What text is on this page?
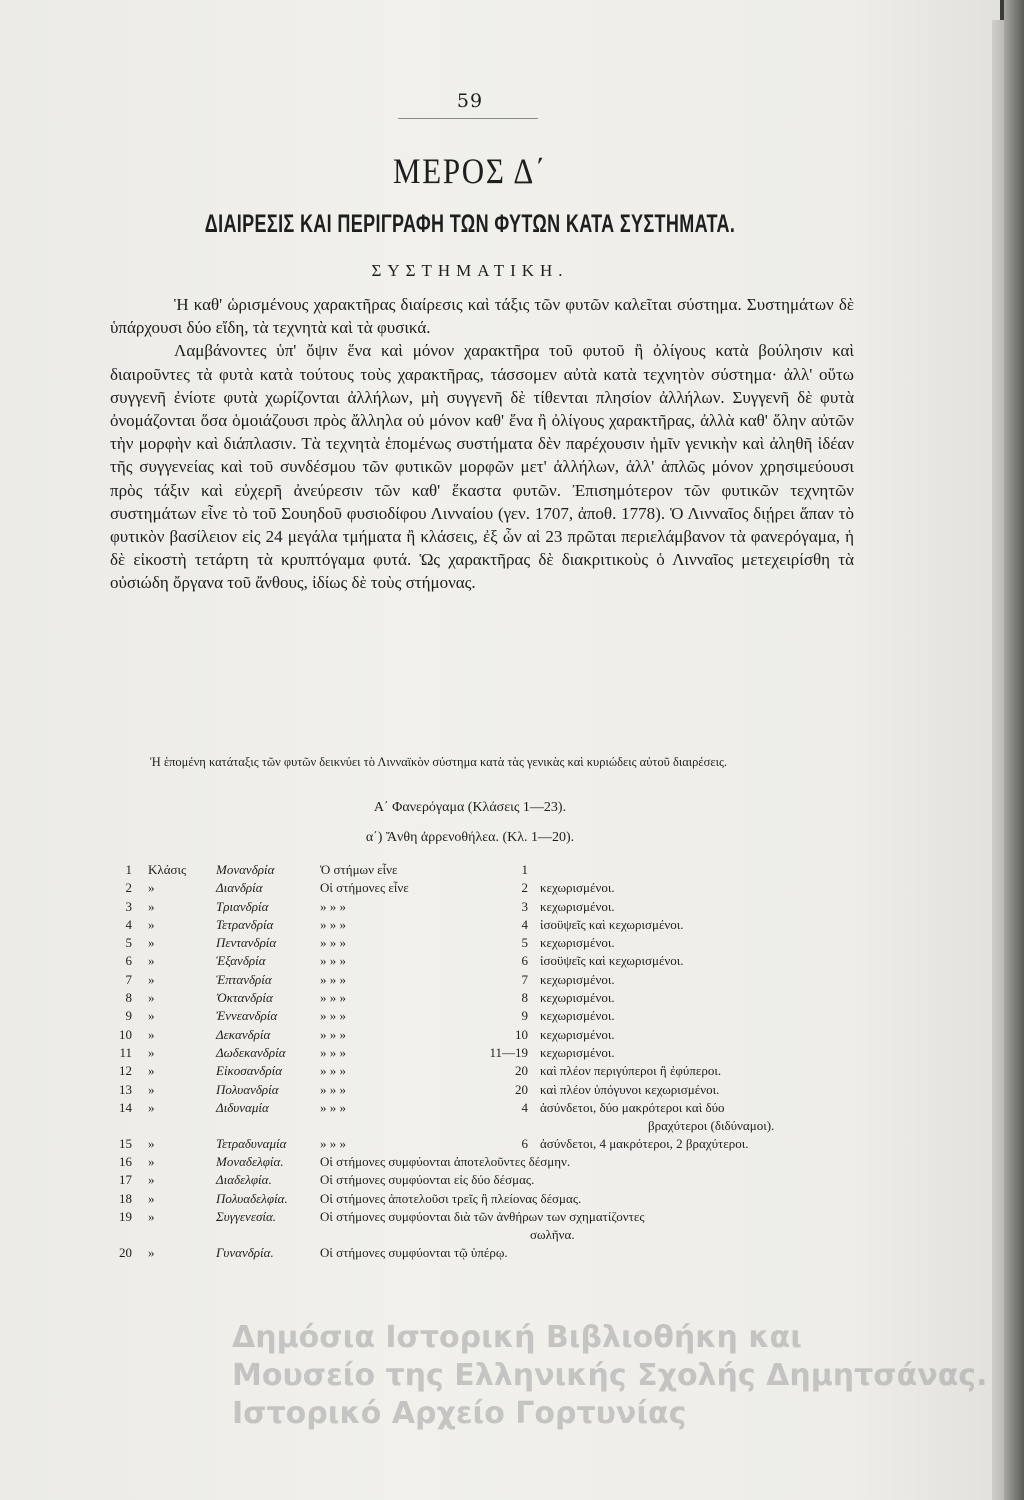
59
ΜΕΡΟΣ Δ΄
ΔΙΑΙΡΕΣΙΣ ΚΑΙ ΠΕΡΙΓΡΑΦΗ ΤΩΝ ΦΥΤΩΝ ΚΑΤΑ ΣΥΣΤΗΜΑΤΑ.
ΣΥΣΤΗΜΑΤΙΚΗ.

Ἡ καθ' ὡρισμένους χαρακτῆρας διαίρεσις καὶ τάξις τῶν φυτῶν καλεῖται σύστημα. Συστημάτων δὲ ὑπάρχουσι δύο εἴδη, τὰ τεχνητὰ καὶ τὰ φυσικά.

Λαμβάνοντες ὑπ' ὄψιν ἕνα καὶ μόνον χαρακτῆρα τοῦ φυτοῦ ἢ ὀλίγους κατὰ βούλησιν καὶ διαιροῦντες τὰ φυτὰ κατὰ τούτους τοὺς χαρακτῆρας, τάσσομεν αὐτὰ κατὰ τεχνητὸν σύστημα· ἀλλ' οὕτω συγγενῆ ἐνίοτε φυτὰ χωρίζονται ἀλλήλων, μὴ συγγενῆ δὲ τίθενται πλησίον ἀλλήλων. Συγγενῆ δὲ φυτὰ ὀνομάζονται ὅσα ὁμοιάζουσι πρὸς ἄλληλα οὐ μόνον καθ' ἕνα ἢ ὀλίγους χαρακτῆρας, ἀλλὰ καθ' ὅλην αὐτῶν τὴν μορφὴν καὶ διάπλασιν. Τὰ τεχνητὰ ἑπομένως συστήματα δὲν παρέχουσιν ἡμῖν γενικὴν καὶ ἀληθῆ ἰδέαν τῆς συγγενείας καὶ τοῦ συνδέσμου τῶν φυτικῶν μορφῶν μετ' ἀλλήλων, ἀλλ' ἁπλῶς μόνον χρησιμεύουσι πρὸς τάξιν καὶ εὐχερῆ ἀνεύρεσιν τῶν καθ' ἕκαστα φυτῶν. Ἐπισημότερον τῶν φυτικῶν τεχνητῶν συστημάτων εἶνε τὸ τοῦ Σουηδοῦ φυσιοδίφου Λινναίου (γεν. 1707, ἀποθ. 1778). Ὁ Λινναῖος διῄρει ἅπαν τὸ φυτικὸν βασίλειον εἰς 24 μεγάλα τμήματα ἢ κλάσεις, ἐξ ὧν αἱ 23 πρῶται περιελάμβανον τὰ φανερόγαμα, ἡ δὲ εἰκοστὴ τετάρτη τὰ κρυπτόγαμα φυτά. Ὡς χαρακτῆρας δὲ διακριτικοὺς ὁ Λινναῖος μετεχειρίσθη τὰ οὐσιώδη ὄργανα τοῦ ἄνθους, ἰδίως δὲ τοὺς στήμονας.

Ἡ ἑπομένη κατάταξις τῶν φυτῶν δεικνύει τὸ Λινναϊκὸν σύστημα κατὰ τὰς γενικὰς καὶ κυριώδεις αὐτοῦ διαιρέσεις.
Α΄ Φανερόγαμα (Κλάσεις 1—23).
α΄) Ἄνθη ἀρρενοθήλεα. (Κλ. 1—20).
1 Κλάσις Μονανδρία	Ὁ στήμων εἶνε	1
2 »	Διανδρία	Οἱ στήμονες εἶνε	2 κεχωρισμένοι.
3 »	Τριανδρία	» » »	3 κεχωρισμένοι.
4 »	Τετρανδρία	» » »	4 ἰσοϋψεῖς καὶ κεχωρισμένοι.
5 »	Πεντανδρία	» » »	5 κεχωρισμένοι.
6 »	Ἑξανδρία	» » »	6 ἰσοϋψεῖς καὶ κεχωρισμένοι.
7 »	Ἑπτανδρία	» » »	7 κεχωρισμένοι.
8 »	Ὀκτανδρία	» » »	8 κεχωρισμένοι.
9 »	Ἐννεανδρία	» » »	9 κεχωρισμένοι.
10 »	Δεκανδρία	» » »	10 κεχωρισμένοι.
11 »	Δωδεκανδρία	» » »	11—19 κεχωρισμένοι.
12 »	Εἰκοσανδρία	» » »	20 καὶ πλέον περιγύπεροι ἢ ἐφύπεροι.
13 »	Πολυανδρία	» » »	20 καὶ πλέον ὑπόγυνοι κεχωρισμένοι.
14 »	Διδυναμία	» » »	4 ἀσύνδετοι, δύο μακρότεροι καὶ δύο
βραχύτεροι (διδύναμοι).
15 »	Τετραδυναμία	» » »	6 ἀσύνδετοι, 4 μακρότεροι, 2 βραχύτεροι.
16 »	Μοναδελφία.	Οἱ στήμονες συμφύονται ἀποτελοῦντες δέσμην.
17 »	Διαδελφία.	Οἱ στήμονες συμφύονται εἰς δύο δέσμας.
18 »	Πολυαδελφία. Οἱ στήμονες ἀποτελοῦσι τρεῖς ἢ πλείονας δέσμας.
19 »	Συγγενεσία.	Οἱ στήμονες συμφύονται διὰ τῶν ἀνθήρων των σχηματίζοντες
σωλῆνα.
20 »	Γυνανδρία.	Οἱ στήμονες συμφύονται τῷ ὑπέρῳ.
Δημόσια Ιστορική Βιβλιοθήκη και
Μουσείο της Ελληνικής Σχολής Δημητσάνας.
Ιστορικό Αρχείο Γορτυνίας
